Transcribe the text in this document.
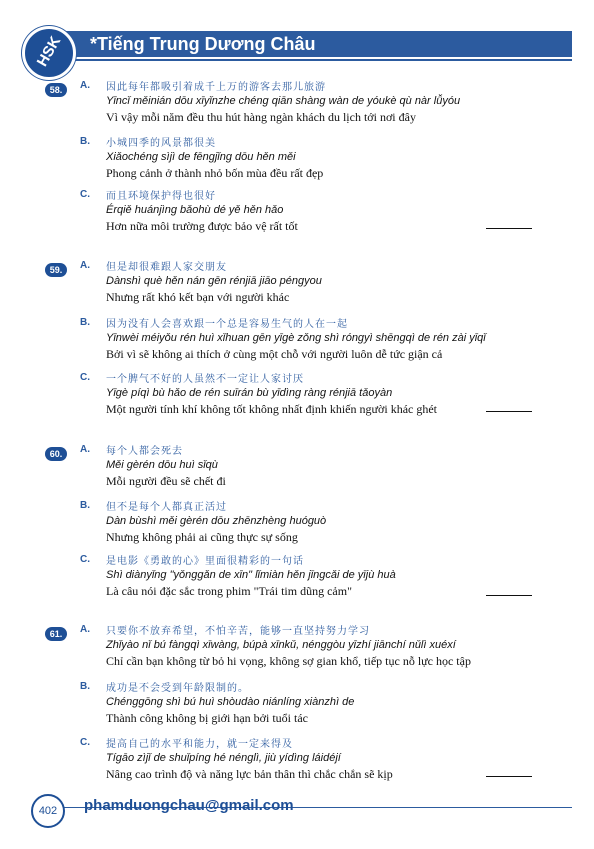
*Tiếng Trung Dương Châu
HSK
58.	A.	因此每年都吸引着成千上万的游客去那儿旅游
Yīncǐ měinián dōu xīyǐnzhe chéng qiān shàng wàn de yóukè qù nàr lǚyóu
Vì vậy mỗi năm đều thu hút hàng ngàn khách du lịch tới nơi đây
B.	小城四季的风景都很美
Xiǎochéng sìjì de fēngjǐng dōu hěn měi
Phong cảnh ở thành nhỏ bốn mùa đều rất đẹp
C.	而且环境保护得也很好
Érqiě huánjìng bǎohù dé yě hěn hǎo
Hơn nữa môi trường được bảo vệ rất tốt
59.	A.	但是却很难跟人家交朋友
Dànshì què hěn nán gēn rénjiā jiāo péngyou
Nhưng rất khó kết bạn với người khác
B.	因为没有人会喜欢跟一个总是容易生气的人在一起
Yīnwèi méiyǒu rén huì xǐhuan gēn yīgè zǒng shì róngyì shēngqì de rén zài yīqǐ
Bởi vì sẽ không ai thích ở cùng một chỗ với người luôn dễ tức giận cả
C.	一个脾气不好的人虽然不一定让人家讨厌
Yīgè píqì bù hǎo de rén suīrán bù yīdìng ràng rénjiā tǎoyàn
Một người tính khí không tốt không nhất định khiến người khác ghét
60.	A.	每个人都会死去
Měi gèrén dōu huì sǐqù
Mỗi người đều sẽ chết đi
B.	但不是每个人都真正活过
Dàn bùshì měi gèrén dōu zhēnzhèng huóguò
Nhưng không phải ai cũng thực sự sống
C.	是电影《勇敢的心》里面很精彩的一句话
Shì diànyǐng "yǒnggǎn de xīn" lǐmiàn hěn jīngcǎi de yījù huà
Là câu nói đặc sắc trong phim "Trái tim dũng cảm"
61.	A.	只要你不放弃希望，不怕辛苦，能够一直坚持努力学习
Zhǐyào nǐ bú fàngqì xīwàng, búpà xīnkǔ, nénggòu yīzhí jiānchí nǔlì xuéxí
Chỉ cần bạn không từ bỏ hi vọng, không sợ gian khổ, tiếp tục nỗ lực học tập
B.	成功是不会受到年龄限制的。
Chénggōng shì bú huì shòudào niánlíng xiànzhì de
Thành công không bị giới hạn bởi tuổi tác
C.	提高自己的水平和能力，就一定来得及
Tígāo zìjǐ de shuǐpíng hé nénglì, jiù yídìng láidéjí
Nâng cao trình độ và năng lực bản thân thì chắc chắn sẽ kịp
402	phamduongchau@gmail.com
